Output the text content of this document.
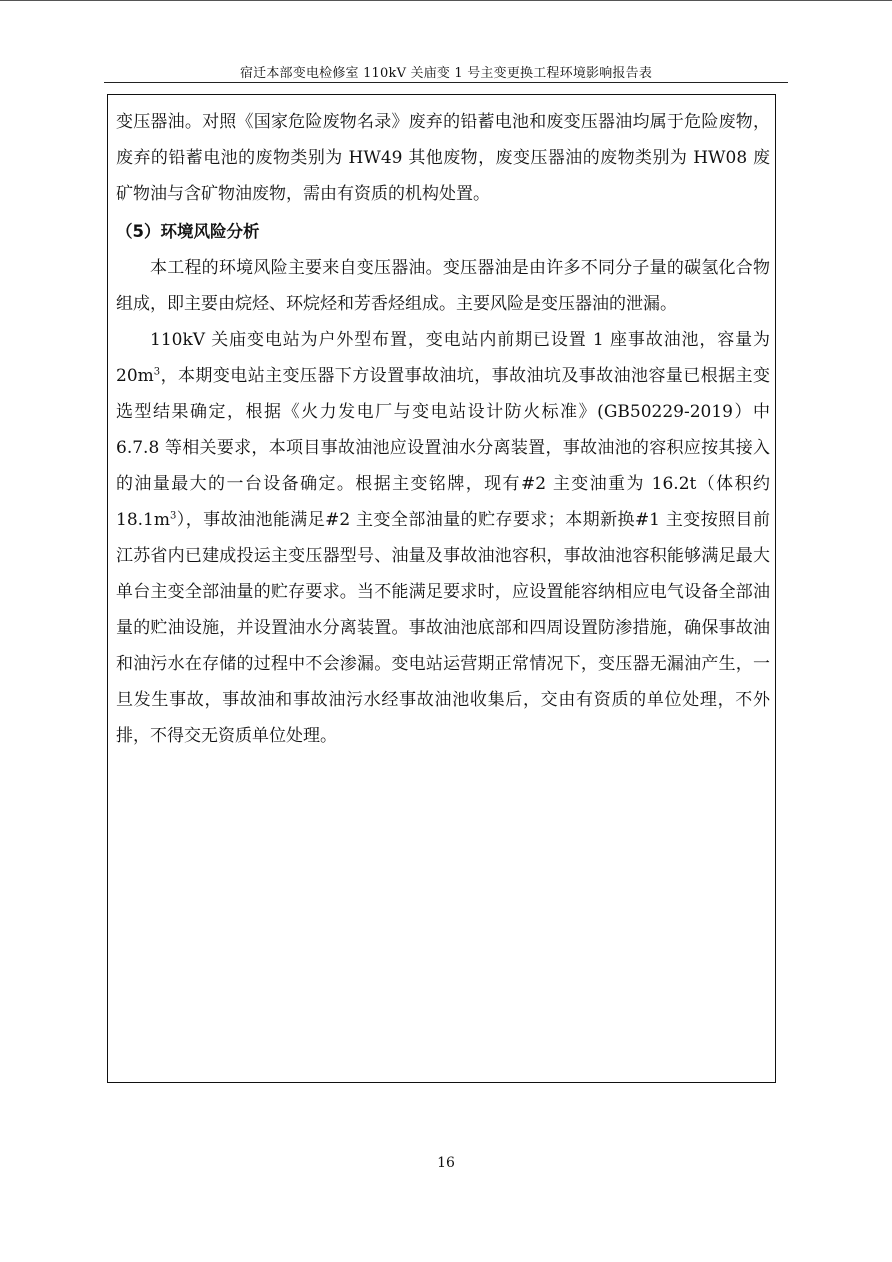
宿迁本部变电检修室 110kV 关庙变 1 号主变更换工程环境影响报告表

变压器油。对照《国家危险废物名录》废弃的铅蓄电池和废变压器油均属于危险废物，废弃的铅蓄电池的废物类别为 HW49 其他废物，废变压器油的废物类别为 HW08 废矿物油与含矿物油废物，需由有资质的机构处置。

（5）环境风险分析

本工程的环境风险主要来自变压器油。变压器油是由许多不同分子量的碳氢化合物组成，即主要由烷烃、环烷烃和芳香烃组成。主要风险是变压器油的泄漏。

110kV 关庙变电站为户外型布置，变电站内前期已设置 1 座事故油池，容量为 $20m^3$，本期变电站主变压器下方设置事故油坑，事故油坑及事故油池容量已根据主变选型结果确定，根据《火力发电厂与变电站设计防火标准》(GB50229-2019）中 6.7.8 等相关要求，本项目事故油池应设置油水分离装置，事故油池的容积应按其接入的油量最大的一台设备确定。根据主变铭牌，现有#2 主变油重为 16.2t（体积约 $18.1m^3$），事故油池能满足#2 主变全部油量的贮存要求；本期新换#1 主变按照目前江苏省内已建成投运主变压器型号、油量及事故油池容积，事故油池容积能够满足最大单台主变全部油量的贮存要求。当不能满足要求时，应设置能容纳相应电气设备全部油量的贮油设施，并设置油水分离装置。事故油池底部和四周设置防渗措施，确保事故油和油污水在存储的过程中不会渗漏。变电站运营期正常情况下，变压器无漏油产生，一旦发生事故，事故油和事故油污水经事故油池收集后，交由有资质的单位处理，不外排，不得交无资质单位处理。

16
